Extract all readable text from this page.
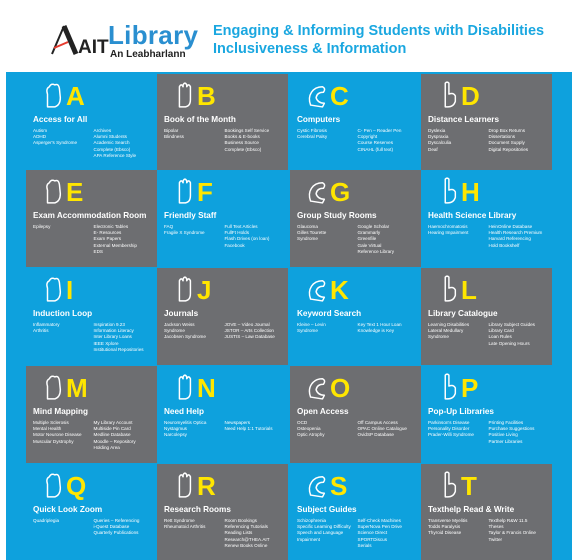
AIT Library
An Leabharlann
Engaging & Informing Students with Disabilities
Inclusiveness & Information
A
Access for All
Autism
ADHD
Asperger's Syndrome
Archives
Alumni Students
Academic Search
Complete (Ebsco)
APA Reference Style
B
Book of the Month
Bipolar
Blindness
Bookings Self Service
Books & E-books
Business Source
Complete (Ebsco)
C
Computers
Cystic Fibrosis
Cerebral Palsy
C- Pen – Reader Pen
Copyright
Course Reserves
CINAHL (full text)
D
Distance Learners
Dyslexia
Dyspraxia
Dyscalculia
Deaf
Drop Box Returns
Dissertations
Document Supply
Digital Repositories
E
Exam Accommodation Room
Epilepsy	Electronic Tables
E- Resources
Exam Papers
External Membership
EDS
F
Friendly Staff
FAQ
Fragile X Syndrome
Full Text Articles
FullFt Holds
Flash Drives (on loan)
Facebook
G
Group Study Rooms
Glaucoma
Gilles Tourette
Syndrome
Google Scholar
Grammarly
Greenfile
Gale Virtual
Reference Library
H
Health Science Library
Haemochromatosis
Hearing Impairment
HeinOnline Database
Health Research Premium
Harvard Referencing
Hold Bookshelf
I
Induction Loop
Inflammatory
Arthritis
Inspiration 9.23
Information Literacy
Inter Library Loans
IEEE Xplore
Institutional Repositories
J
Journals
Jackson Weiss
Syndrome
Jacobsen Syndrome
JOVE – Video Journal
JSTOR – Arts Collection
JUSTIS – Law Database
K
Keyword Search
Kleine – Levin
Syndrome
Key Text 1 Hour Loan
Knowledge is Key
L
Library Catalogue
Learning Disabilities
Lateral Medullary
Syndrome
Library Subject Guides
Library Card
Loan Rules
Late Opening Hours
M
Mind Mapping
Multiple Sclerosis
Mental Health
Motor Neurone Disease
Muscular Dystrophy
My Library Account
Multiside Pin Card
Medline Database
Moodle – Repository
Holding Area
N
Need Help
Neuromyelitis Optica
Nystagmus
Narcolepsy
Newspapers
Need Help 1:1 Tutorials
O
Open Access
OCD
Osteopenia
Optic Atrophy
Off Campus Access
OPAC Online Catalogue
OvidSP Database
P
Pop-Up Libraries
Parkinson's Disease
Personality Disorder
Prader-Willi Syndrome
Printing Facilities
Purchase Suggestions
Positive Living
Partner Libraries
Q
Quick Look Zoom
Quadriplegia	Queries – Referencing
i-Quest Database
Quarterly Publications
R
Research Rooms
Rett Syndrome
Rheumatoid Arthritis
Room Bookings
Referencing Tutorials
Reading Lists
Research@THEA.AIT
Renew Books Online
S
Subject Guides
Schizophrenia
Specific Learning Difficulty
Speech and Language
Impairment
Self-Check Machines
SuperNova Pen Drive
Science Direct
SPORTDiscus
Serials
T
Texthelp Read & Write
Transverse Myelitis
Todds Paralysis
Thyroid Disease
Texthelp R&W 11.5
Theses
Taylor & Francis Online
Twitter
